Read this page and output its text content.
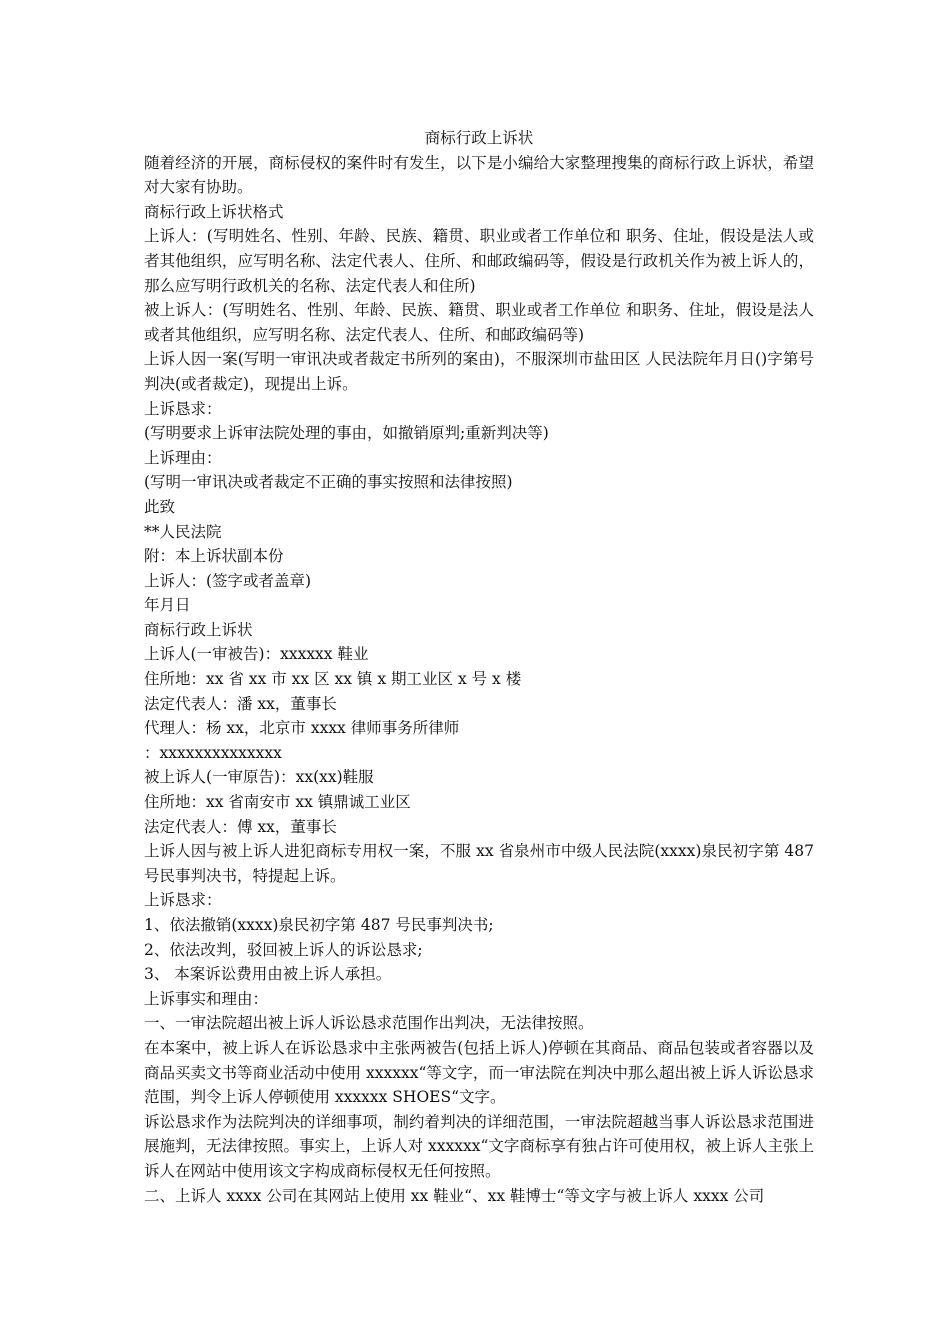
商标行政上诉状

随着经济的开展，商标侵权的案件时有发生，以下是小编给大家整理搜集的商标行政上诉状，希望对大家有协助。

商标行政上诉状格式

上诉人：(写明姓名、性别、年龄、民族、籍贯、职业或者工作单位和 职务、住址，假设是法人或者其他组织，应写明名称、法定代表人、住所、和邮政编码等，假设是行政机关作为被上诉人的，那么应写明行政机关的名称、法定代表人和住所)

被上诉人：(写明姓名、性别、年龄、民族、籍贯、职业或者工作单位 和职务、住址，假设是法人或者其他组织，应写明名称、法定代表人、住所、和邮政编码等)

上诉人因一案(写明一审讯决或者裁定书所列的案由)，不服深圳市盐田区 人民法院年月日()字第号判决(或者裁定)，现提出上诉。

上诉恳求：

(写明要求上诉审法院处理的事由，如撤销原判;重新判决等)

上诉理由：

(写明一审讯决或者裁定不正确的事实按照和法律按照)

此致

**人民法院

附：本上诉状副本份

上诉人：(签字或者盖章)

年月日

商标行政上诉状

上诉人(一审被告)：xxxxxx 鞋业

住所地：xx 省 xx 市 xx 区 xx 镇 x 期工业区 x 号 x 楼

法定代表人：潘 xx，董事长

代理人：杨 xx，北京市 xxxx 律师事务所律师

：xxxxxxxxxxxxxx

被上诉人(一审原告)：xx(xx)鞋服

住所地：xx 省南安市 xx 镇鼎诚工业区

法定代表人：傅 xx，董事长

上诉人因与被上诉人进犯商标专用权一案，不服 xx 省泉州市中级人民法院(xxxx)泉民初字第 487 号民事判决书，特提起上诉。

上诉恳求：

1、依法撤销(xxxx)泉民初字第 487 号民事判决书;

2、依法改判，驳回被上诉人的诉讼恳求;

3、 本案诉讼费用由被上诉人承担。

上诉事实和理由：

一、一审法院超出被上诉人诉讼恳求范围作出判决，无法律按照。

在本案中，被上诉人在诉讼恳求中主张两被告(包括上诉人)停顿在其商品、商品包装或者容器以及商品买卖文书等商业活动中使用 xxxxxx“等文字，而一审法院在判决中那么超出被上诉人诉讼恳求范围，判令上诉人停顿使用 xxxxxx SHOES“文字。

诉讼恳求作为法院判决的详细事项，制约着判决的详细范围，一审法院超越当事人诉讼恳求范围进展施判，无法律按照。事实上，上诉人对 xxxxxx“文字商标享有独占许可使用权，被上诉人主张上诉人在网站中使用该文字构成商标侵权无任何按照。

二、上诉人 xxxx 公司在其网站上使用 xx 鞋业“、xx 鞋博士“等文字与被上诉人 xxxx 公司
